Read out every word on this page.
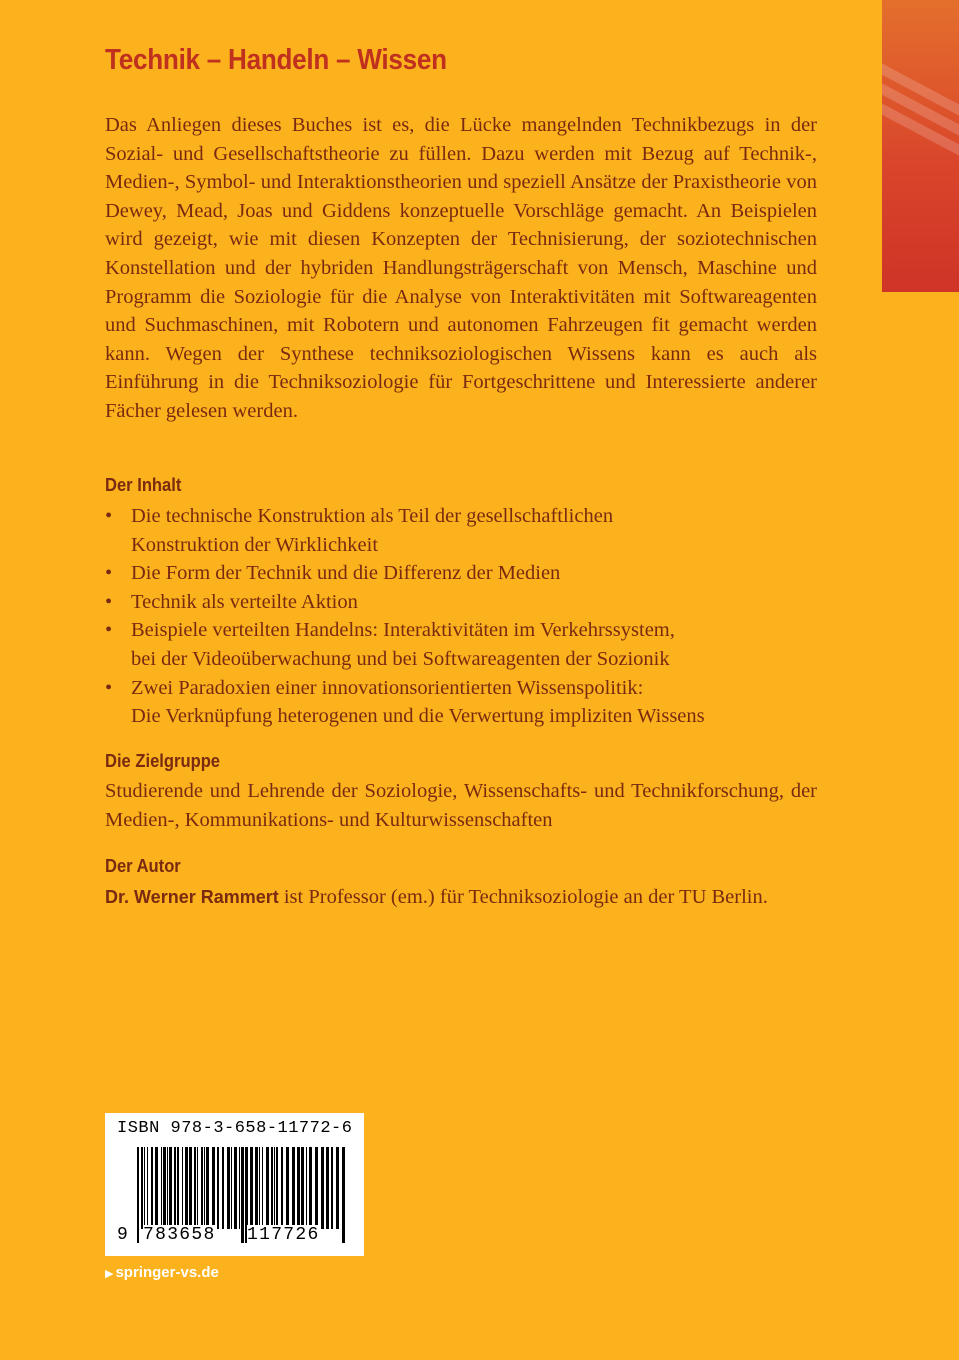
Technik – Handeln – Wissen
Das Anliegen dieses Buches ist es, die Lücke mangelnden Technikbezugs in der Sozial- und Gesellschaftstheorie zu füllen. Dazu werden mit Bezug auf Technik-, Medien-, Symbol- und Interaktionstheorien und speziell Ansätze der Praxistheorie von Dewey, Mead, Joas und Giddens konzeptuelle Vorschläge gemacht. An Beispielen wird gezeigt, wie mit diesen Konzepten der Technisierung, der soziotechnischen Konstellation und der hybriden Handlungsträgerschaft von Mensch, Maschine und Programm die Soziologie für die Analyse von Interaktivitäten mit Softwareagenten und Suchmaschinen, mit Robotern und autonomen Fahrzeugen fit gemacht werden kann. Wegen der Synthese techniksoziologischen Wissens kann es auch als Einführung in die Techniksoziologie für Fortgeschrittene und Interessierte anderer Fächer gelesen werden.
Der Inhalt
• Die technische Konstruktion als Teil der gesellschaftlichen
Konstruktion der Wirklichkeit
• Die Form der Technik und die Differenz der Medien
• Technik als verteilte Aktion
• Beispiele verteilten Handelns: Interaktivitäten im Verkehrssystem,
bei der Videoüberwachung und bei Softwareagenten der Sozionik
• Zwei Paradoxien einer innovationsorientierten Wissenspolitik:
Die Verknüpfung heterogenen und die Verwertung impliziten Wissens
Die Zielgruppe
Studierende und Lehrende der Soziologie, Wissenschafts- und Technikforschung, der Medien-, Kommunikations- und Kulturwissenschaften
Der Autor
Dr. Werner Rammert ist Professor (em.) für Techniksoziologie an der TU Berlin.
ISBN 978-3-658-11772-6
9 783658 117726
▶ springer-vs.de
